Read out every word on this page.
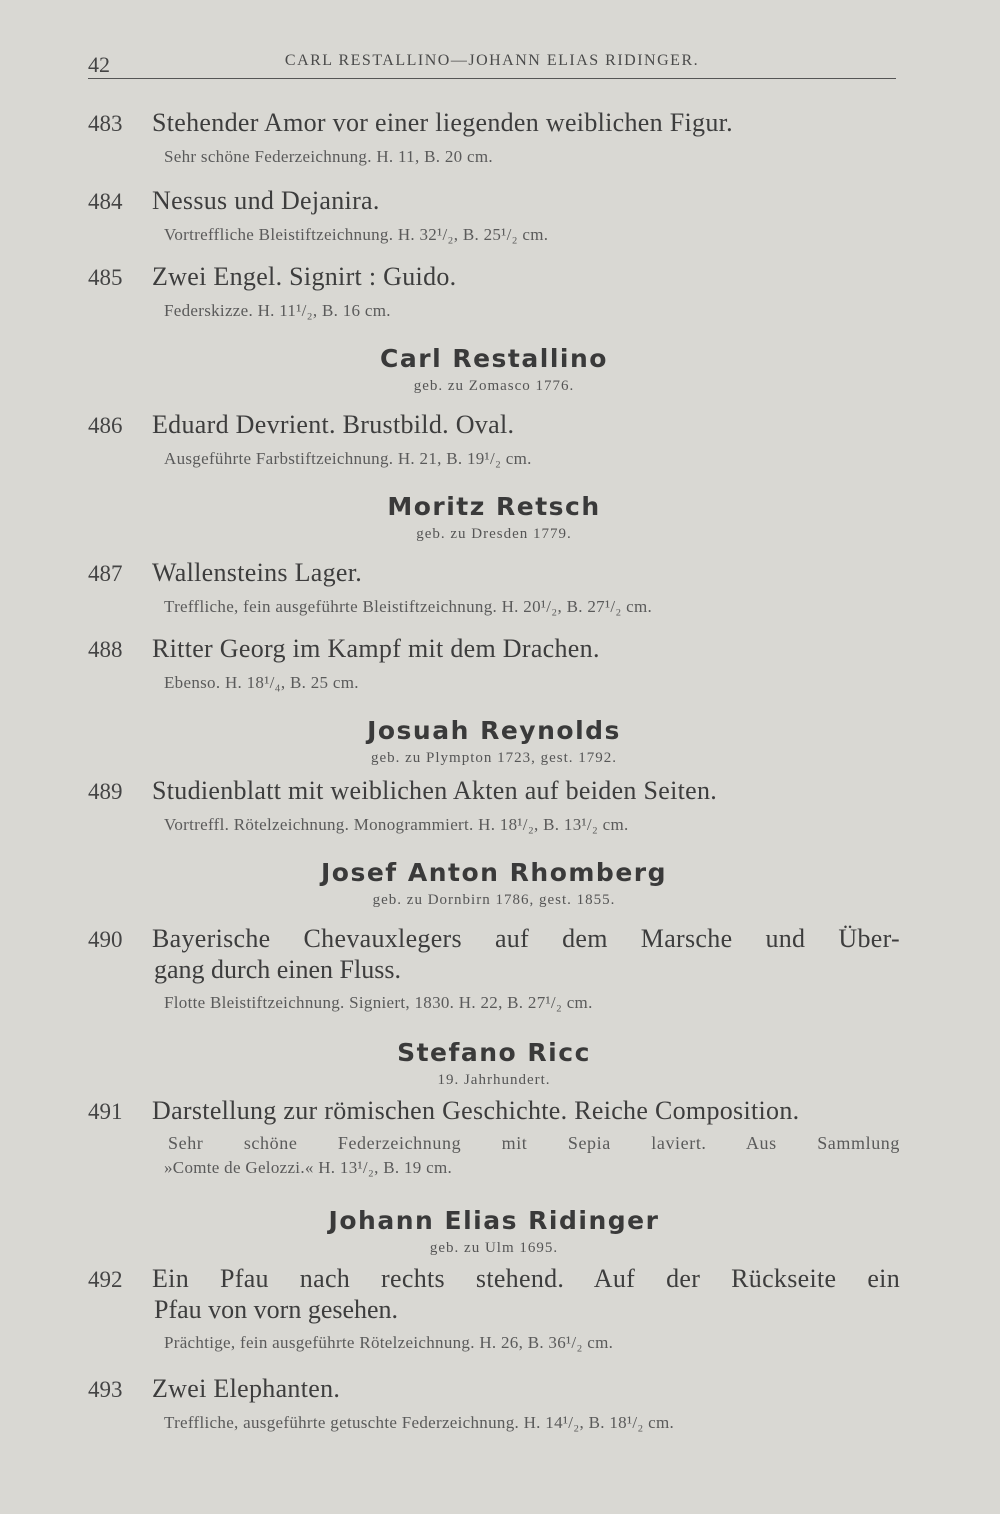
42	CARL RESTALLINO—JOHANN ELIAS RIDINGER.
483 Stehender Amor vor einer liegenden weiblichen Figur.
Sehr schöne Federzeichnung. H. 11, B. 20 cm.
484 Nessus und Dejanira.
Vortreffliche Bleistiftzeichnung. H. 32¹/₂, B. 25¹/₂ cm.
485 Zwei Engel. Signirt : Guido.
Federskizze. H. 11¹/₂, B. 16 cm.
Carl Restallino
geb. zu Zomasco 1776.
486 Eduard Devrient. Brustbild. Oval.
Ausgeführte Farbstiftzeichnung. H. 21, B. 19¹/₂ cm.
Moritz Retsch
geb. zu Dresden 1779.
487 Wallensteins Lager.
Treffliche, fein ausgeführte Bleistiftzeichnung. H. 20¹/₂, B. 27¹/₂ cm.
488 Ritter Georg im Kampf mit dem Drachen.
Ebenso. H. 18¹/₄, B. 25 cm.
Josuah Reynolds
geb. zu Plympton 1723, gest. 1792.
489 Studienblatt mit weiblichen Akten auf beiden Seiten.
Vortreffl. Rötelzeichnung. Monogrammiert. H. 18¹/₂, B. 13¹/₂ cm.
Josef Anton Rhomberg
geb. zu Dornbirn 1786, gest. 1855.
490 Bayerische Chevauxlegers auf dem Marsche und Über-
gang durch einen Fluss.
Flotte Bleistiftzeichnung. Signiert, 1830. H. 22, B. 27¹/₂ cm.
Stefano Ricc
19. Jahrhundert.
491 Darstellung zur römischen Geschichte. Reiche Composition.
Sehr schöne Federzeichnung mit Sepia laviert. Aus Sammlung
»Comte de Gelozzi.« H. 13¹/₂, B. 19 cm.
Johann Elias Ridinger
geb. zu Ulm 1695.
492 Ein Pfau nach rechts stehend. Auf der Rückseite ein
Pfau von vorn gesehen.
Prächtige, fein ausgeführte Rötelzeichnung. H. 26, B. 36¹/₂ cm.
493 Zwei Elephanten.
Treffliche, ausgeführte getuschte Federzeichnung. H. 14¹/₂, B. 18¹/₂ cm.
